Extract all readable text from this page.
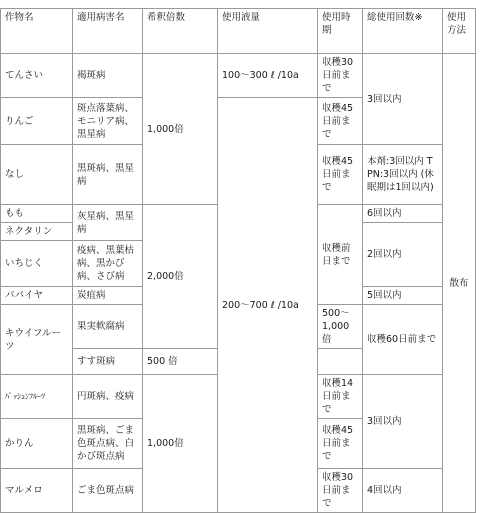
作物名	適用病害名	希釈倍数	使用液量	使用時期	総使用回数※	使用方法	
てんさい	褐斑病	1,000倍	100～300 ℓ /10a	収穫30日前まで	3回以内	散布	
りんご	斑点落葉病、モニリア病、黒星病		200～700 ℓ /10a	収穫45日前まで			
なし	黒斑病、黒星病			収穫45日前まで	本剤:3回以内 TPN:3回以内 (休眠期は1回以内)		
もも	灰星病、黒星病	2,000倍		収穫前日まで	6回以内		
ネクタリン					2回以内		
いちじく	疫病、黒葉枯病、黒かび病、さび病						
パパイヤ	炭疽病				5回以内		
キウイフルーツ	果実軟腐病			500～1,000倍	収穫60日前まで	
	すす斑病	500 倍					
ﾊﾟｯｼｮﾝﾌﾙｰﾂ	円斑病、疫病	1,000倍		収穫14日前まで	3回以内		
かりん	黒斑病、ごま色斑点病、白かび斑点病			収穫45日前まで			
マルメロ	ごま色斑点病			収穫30日前まで	4回以内		
